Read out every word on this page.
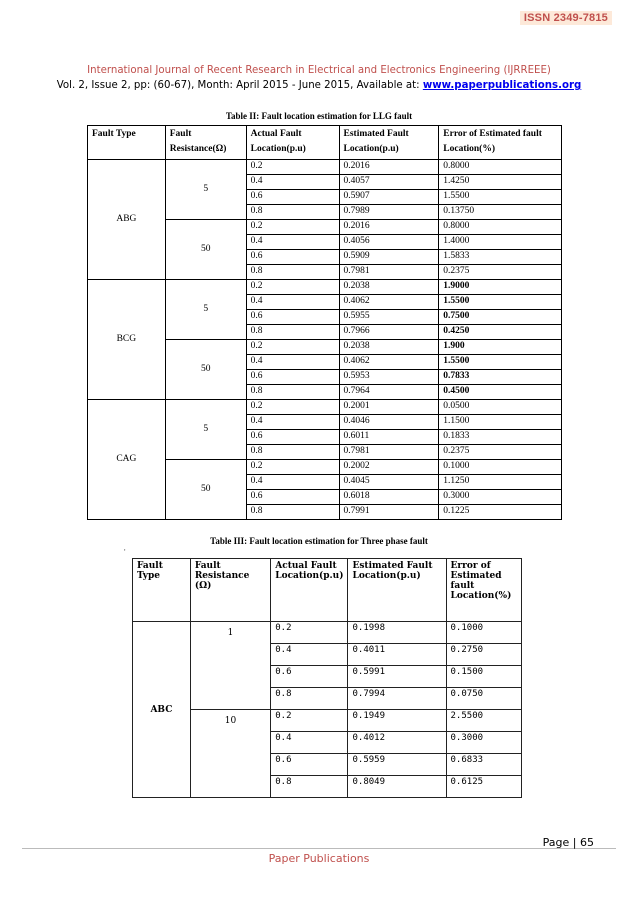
ISSN 2349-7815
International Journal of Recent Research in Electrical and Electronics Engineering (IJRREEE)
Vol. 2, Issue 2, pp: (60-67), Month: April 2015 - June 2015, Available at: www.paperpublications.org
Table II: Fault location estimation for LLG fault
Fault Type	Fault Resistance(Ω)	Actual Fault Location(p.u)	Estimated Fault Location(p.u)	Error of Estimated fault Location(%)
ABG	5	0.2	0.2016	0.8000
		0.4	0.4057	1.4250
		0.6	0.5907	1.5500
		0.8	0.7989	0.13750
	50	0.2	0.2016	0.8000
		0.4	0.4056	1.4000
		0.6	0.5909	1.5833
		0.8	0.7981	0.2375
BCG	5	0.2	0.2038	1.9000
		0.4	0.4062	1.5500
		0.6	0.5955	0.7500
		0.8	0.7966	0.4250
	50	0.2	0.2038	1.900
		0.4	0.4062	1.5500
		0.6	0.5953	0.7833
		0.8	0.7964	0.4500
CAG	5	0.2	0.2001	0.0500
		0.4	0.4046	1.1500
		0.6	0.6011	0.1833
		0.8	0.7981	0.2375
	50	0.2	0.2002	0.1000
		0.4	0.4045	1.1250
		0.6	0.6018	0.3000
		0.8	0.7991	0.1225
Table III: Fault location estimation for Three phase fault
'
Fault Type	Fault Resistance (Ω)	Actual Fault Location(p.u)	Estimated Fault Location(p.u)	Error of Estimated fault Location(%)
ABC	1	0.2	0.1998	0.1000
		0.4	0.4011	0.2750
		0.6	0.5991	0.1500
		0.8	0.7994	0.0750
	10	0.2	0.1949	2.5500
		0.4	0.4012	0.3000
		0.6	0.5959	0.6833
		0.8	0.8049	0.6125
Page | 65
Paper Publications
